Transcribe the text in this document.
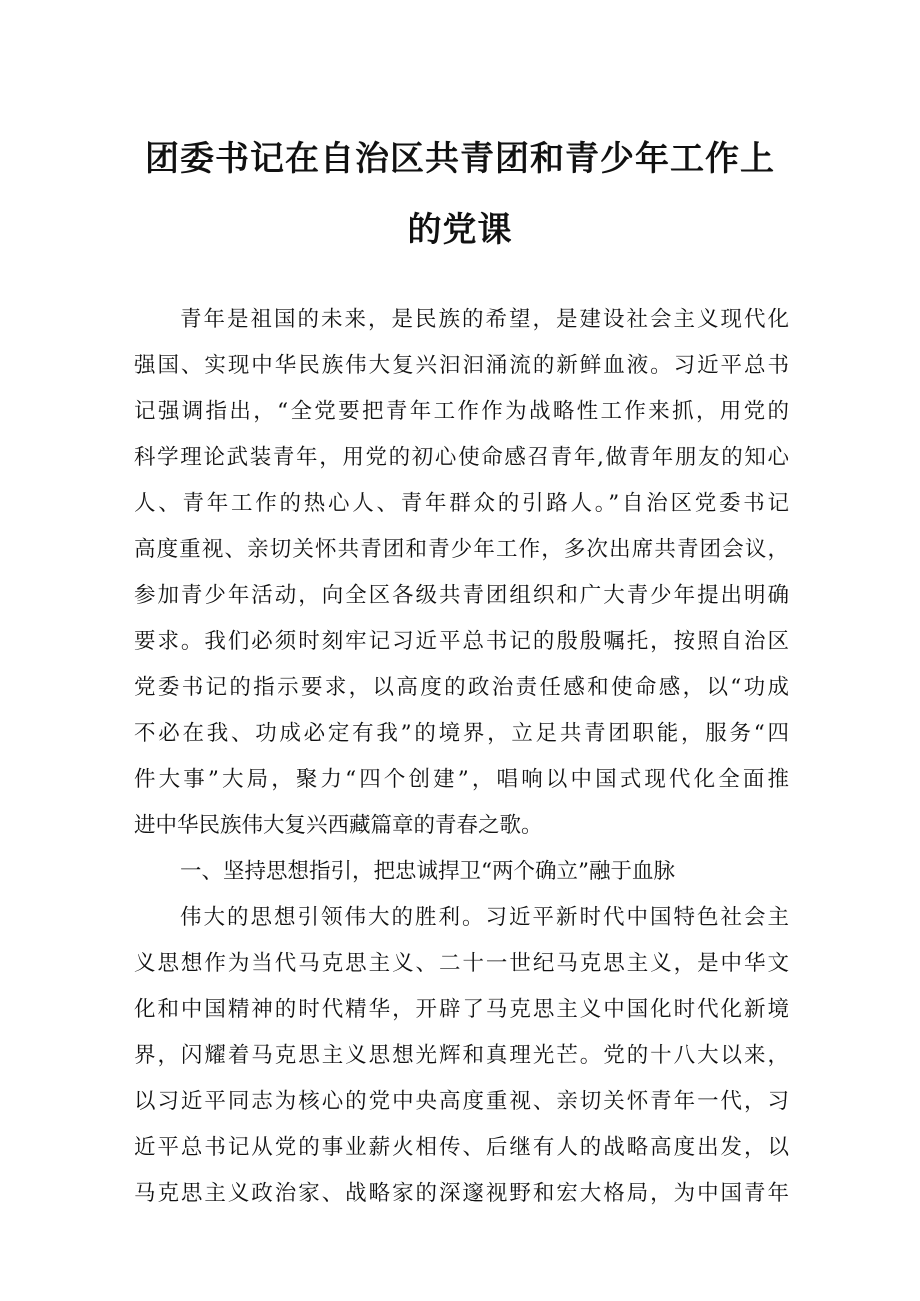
团委书记在自治区共青团和青少年工作上
的党课
青年是祖国的未来，是民族的希望，是建设社会主义现代化
强国、实现中华民族伟大复兴汩汩涌流的新鲜血液。习近平总书
记强调指出，“全党要把青年工作作为战略性工作来抓，用党的
科学理论武装青年，用党的初心使命感召青年,做青年朋友的知心
人、青年工作的热心人、青年群众的引路人。”自治区党委书记
高度重视、亲切关怀共青团和青少年工作，多次出席共青团会议，
参加青少年活动，向全区各级共青团组织和广大青少年提出明确
要求。我们必须时刻牢记习近平总书记的殷殷嘱托，按照自治区
党委书记的指示要求，以高度的政治责任感和使命感，以“功成
不必在我、功成必定有我”的境界，立足共青团职能，服务“四
件大事”大局，聚力“四个创建”，唱响以中国式现代化全面推
进中华民族伟大复兴西藏篇章的青春之歌。
一、坚持思想指引，把忠诚捍卫“两个确立”融于血脉
伟大的思想引领伟大的胜利。习近平新时代中国特色社会主
义思想作为当代马克思主义、二十一世纪马克思主义，是中华文
化和中国精神的时代精华，开辟了马克思主义中国化时代化新境
界，闪耀着马克思主义思想光辉和真理光芒。党的十八大以来，
以习近平同志为核心的党中央高度重视、亲切关怀青年一代，习
近平总书记从党的事业薪火相传、后继有人的战略高度出发，以
马克思主义政治家、战略家的深邃视野和宏大格局，为中国青年
